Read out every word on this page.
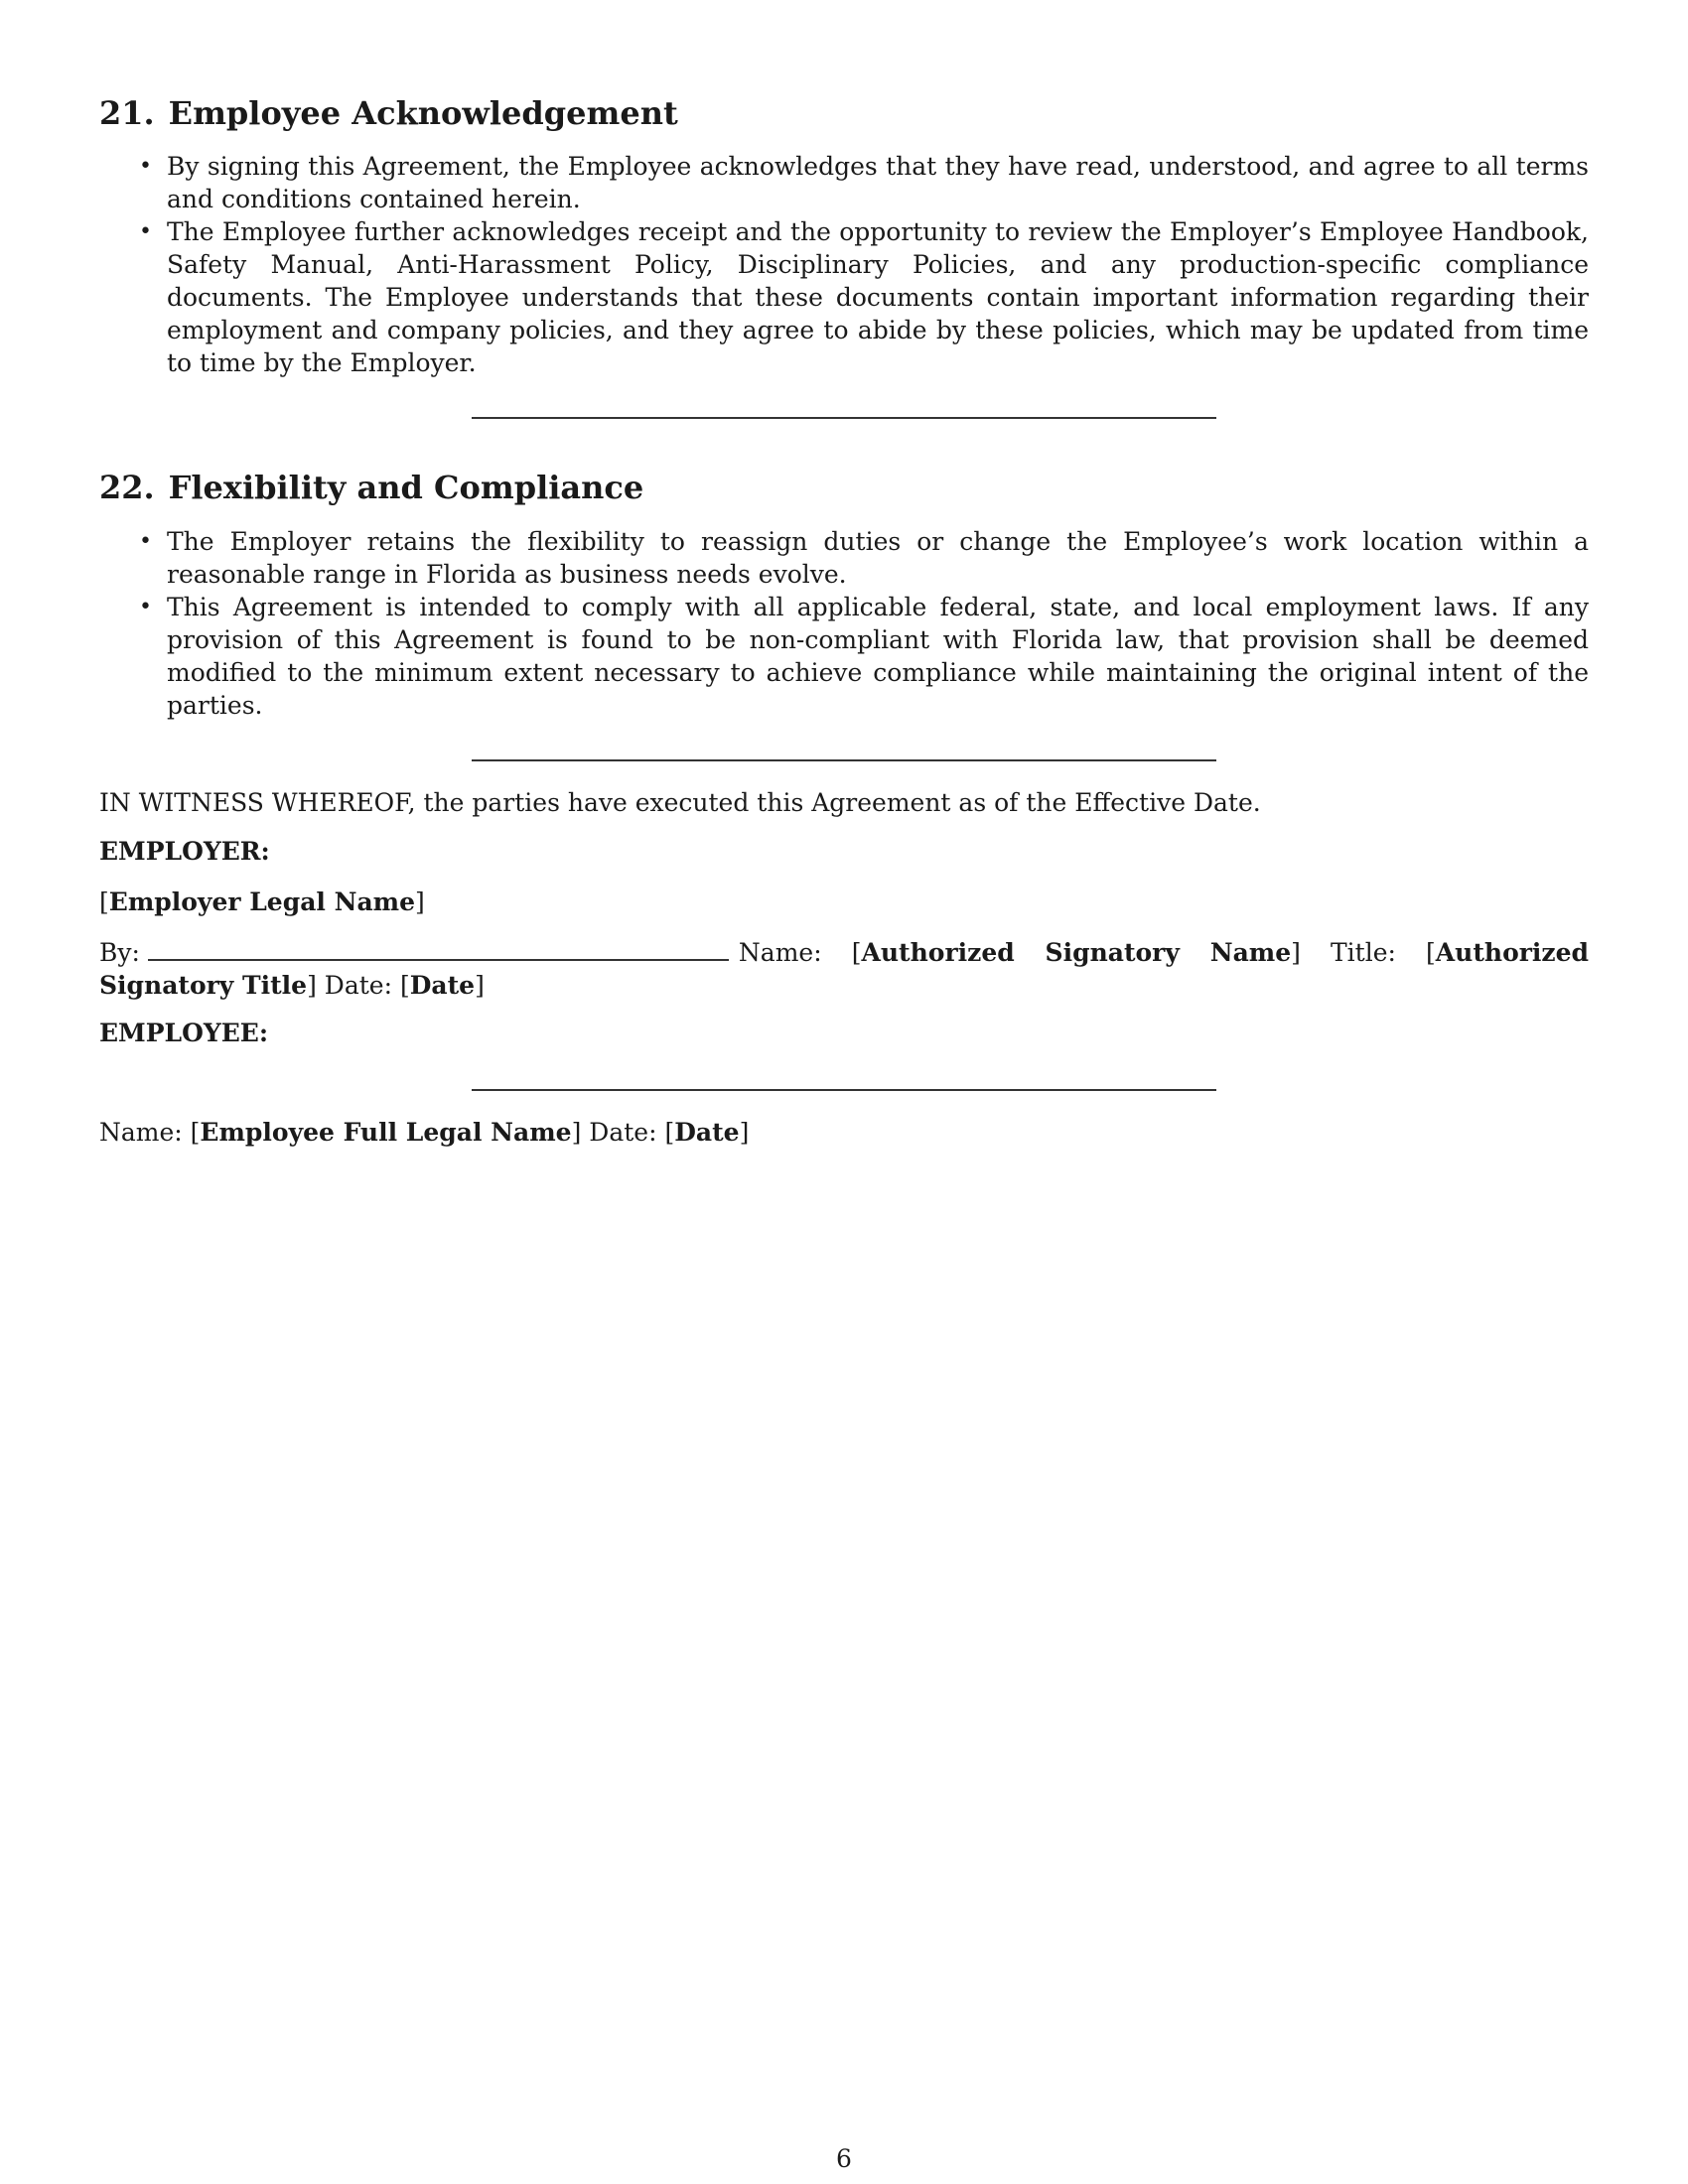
21. Employee Acknowledgement
• By signing this Agreement, the Employee acknowledges that they have read, understood, and agree to all terms and conditions contained herein.
• The Employee further acknowledges receipt and the opportunity to review the Employer’s Employee Handbook, Safety Manual, Anti-Harassment Policy, Disciplinary Policies, and any production-specific compliance documents. The Employee understands that these documents contain important information regarding their employment and company policies, and they agree to abide by these policies, which may be updated from time to time by the Employer.
22. Flexibility and Compliance
• The Employer retains the flexibility to reassign duties or change the Employee’s work location within a reasonable range in Florida as business needs evolve.
• This Agreement is intended to comply with all applicable federal, state, and local employment laws. If any provision of this Agreement is found to be non-compliant with Florida law, that provision shall be deemed modified to the minimum extent necessary to achieve compliance while maintaining the original intent of the parties.

IN WITNESS WHEREOF, the parties have executed this Agreement as of the Effective Date.

EMPLOYER:

[Employer Legal Name]

By:	Name: [Authorized Signatory Name] Title: [Authorized Signatory Title] Date: [Date]

EMPLOYEE:

Name: [Employee Full Legal Name] Date: [Date]

6
